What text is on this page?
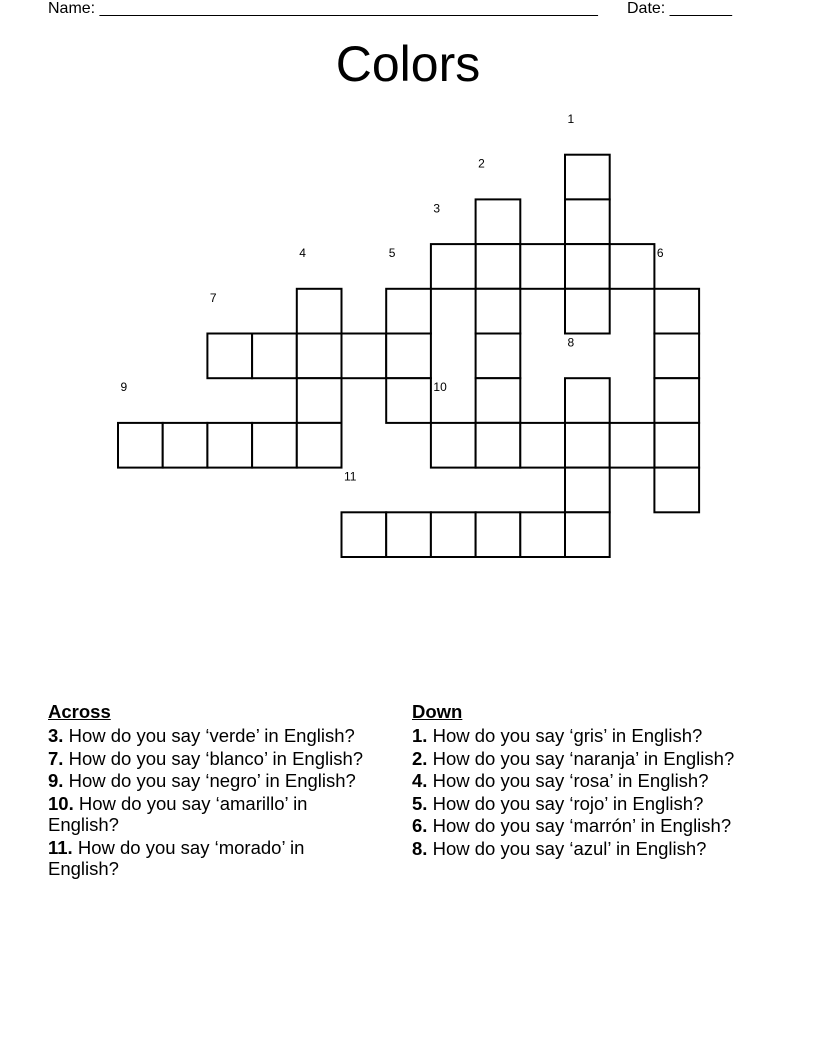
Name: ________________________________________________________ Date: _______
Colors
1
2
3
4	5	6
7
8
9	10
11
Across
3. How do you say ‘verde’ in English?
7. How do you say ‘blanco’ in English?
9. How do you say ‘negro’ in English?
10. How do you say ‘amarillo’ in English?
11. How do you say ‘morado’ in English?
Down
1. How do you say ‘gris’ in English?
2. How do you say ‘naranja’ in English?
4. How do you say ‘rosa’ in English?
5. How do you say ‘rojo’ in English?
6. How do you say ‘marrón’ in English?
8. How do you say ‘azul’ in English?
